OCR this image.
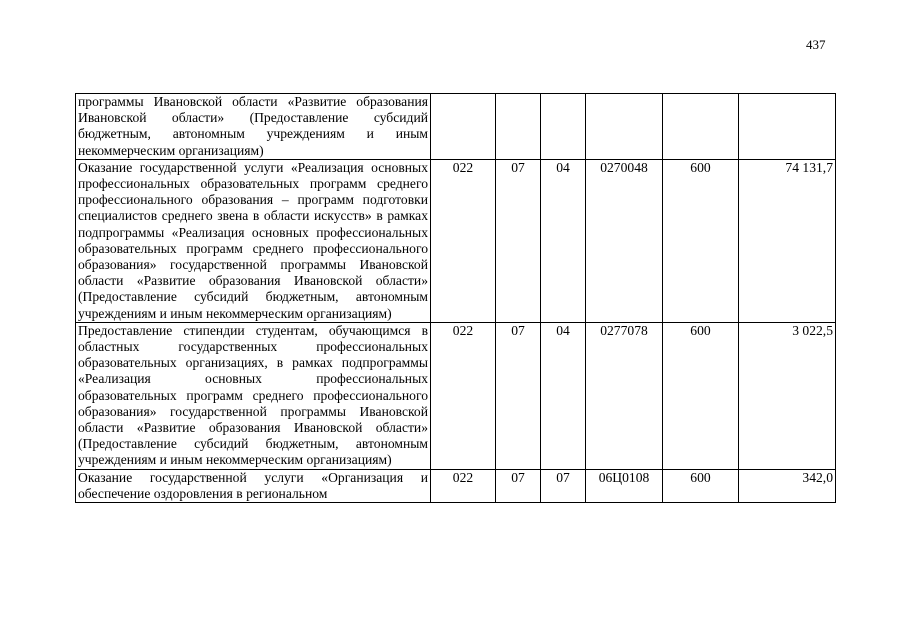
437
программы Ивановской области «Развитие образования Ивановской области» (Предоставление субсидий бюджетным, автономным учреждениям и иным некоммерческим организациям)						
Оказание государственной услуги «Реализация основных профессиональных образовательных программ среднего профессионального образования – программ подготовки специалистов среднего звена в области искусств» в рамках подпрограммы «Реализация основных профессиональных образовательных программ среднего профессионального образования» государственной программы Ивановской области «Развитие образования Ивановской области» (Предоставление субсидий бюджетным, автономным учреждениям и иным некоммерческим организациям)	022	07	04	0270048	600	74 131,7
Предоставление стипендии студентам, обучающимся в областных государственных профессиональных образовательных организациях, в рамках подпрограммы «Реализация основных профессиональных образовательных программ среднего профессионального образования» государственной программы Ивановской области «Развитие образования Ивановской области» (Предоставление субсидий бюджетным, автономным учреждениям и иным некоммерческим организациям)	022	07	04	0277078	600	3 022,5
Оказание государственной услуги «Организация и обеспечение оздоровления в региональном	022	07	07	06Ц0108	600	342,0
